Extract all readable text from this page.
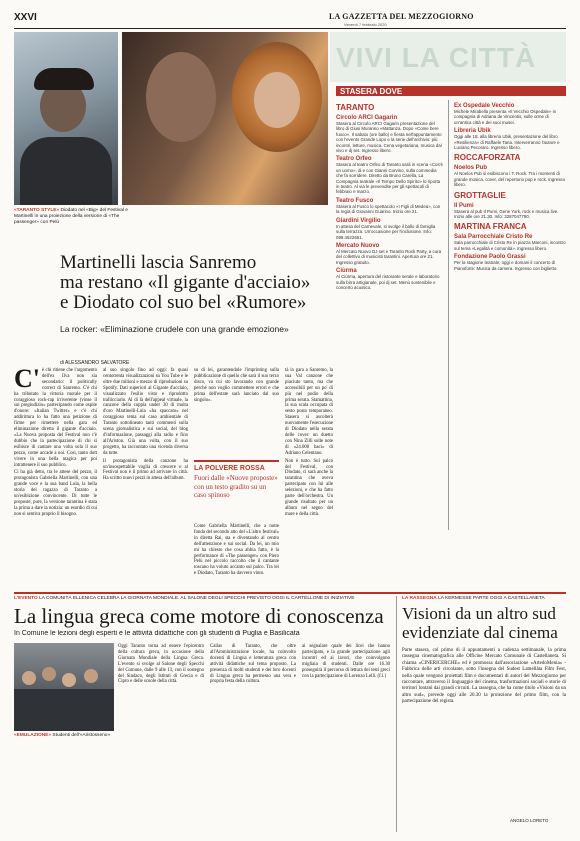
XXVI	LA GAZZETTA DEL MEZZOGIORNO
Venerdì 7 febbraio 2020
VIVI LA CITTÀ
«TARANTO STYLE» Diodato nel «Big» del Festival e Martinelli in una proiezione della versione di «The passenger» con Pelù
Martinelli lascia Sanremo
ma restano «Il gigante d'acciaio»
e Diodato col suo bel «Rumore»
La rocker: «Eliminazione crudele con una grande emozione»
di ALESSANDRO SALVATORE
C' è chi ritiene che l'argomento dell'ex Ilva non sia secondario: il politically correct di Sanremo. C'è chi ha tributato la vittoria morale per il coraggioso rock-rap irriverente (vinse il sui pregiudizio» partecipando come ospite d'onore: «Italian Twitter» e c'è chi addirittura lo ha fatto una petizione di firme per rimettere nella gara ed eliminazione diretta il gigante d'acciaio. «La Nuova proposta del Festival non c'è dubbio che la partecipazione di chi si esibisce di cantare una volta sola il suo pezzo, come accade a noi. Così, tanto dott vivere in una bella magica per poi intrattenere il suo pubblico.

Ci ha già detto, tra le attese del pezzo, il protagonista Gabriella Martinelli, con una grande voce e la sua band Lula, la bella storia del ragazzo di Taranto a un'esibizione convincente. Di tutte le proposte, pure, la versione tarantina è stata la prima a dare la notizia: un esordio di cui non si sentiva proprio il bisogno.

al suo singolo fino ad oggi: fa quasi centotrenta visualizzazioni su You Tube e le oltre due milioni e mezzo di riproduzioni su Spotify. Dati superiori al Gigante d'acciaio, visualizzato l'esilio visto e riprodotto trallicciarlo. Al di là dell'appeal virtuale, la canzone della coppia under 30 di molta d'oro Martinelli-Lula «ha spaccato» nel coraggioso tema sul caso ambientale di Taranto sottolineato tanti commenti sulla scena giornalistica e sui social, del blog d'informazione, passaggi alla radio e fino all'Ariston. Già una volta, con il suo progetto, ha raccontato una vicenda diversa da tutte.

Il protagonista della canzone ha un'insospettabile voglia di crescere e al Festival non è il primo ad arrivare in città. Ha scritto nuovi pezzi in attesa dell'album.

su di lei, garantendole l'imprinting sulla pubblicazione di quello che sarà il suo terzo disco, va cui sto lavorando con grande perché non voglio commettere errori e che prima dell'estate sarà lanciato dal suo singolo».

LA POLVERE ROSSA
Fuori dalle «Nuove proposte» con un testo gradito su un caso spinoso

Come Gabriella Martinelli, che a notte fonda del secondo atto del «L'altro festival» in diretta Rai, sta e diventando al centro dell'attenzione e sui social. Da lei, un mio mi ha chiesto che cosa abbia fatto, è la performance di «The passenger» con Piero Pelù nel piccolo raccolto che il cantante toscano ha voluto accanto sul palco. Tra lei e Diodato, Taranto ha davvero vinto.

tà in gara a Sanremo, la sua Val canzone che piaciuto tanto, ma che accessibili per un po' di più nel podio della prima serata. Stamattina, la sua scala occupata di sesto posto temporaneo. Stasera si ascolterà nuovamente l'esecuzione di Diodato nella serata delle cover: un duetto con Nina Zilli sulle note di «24.000 baci» di Adriano Celentano.

Non è tutto. Sul palco del Festival, con Diodato, ci sarà anche la tarantina che aveva partecipato con lui alle selezioni, e che ha fatto parte dell'orchestra. Un grande risultato per un album nel segno del mare e della città.

STASERA DOVE
TARANTO
Circolo ARCI Gagarin
Stasera al Circolo ARCI Gagarin presentazione del libro di Giusi Muranno «Mattanza. Dopo «Come bere fuoco». Il sabato (ore ballo) e fiesta nell'appuntamento con l'evento Grande Lupo e la serie dell'archivio: più incontri, letture, musica. Cena vegetariana, musica dal vivo e dj set. Ingresso libero.
Teatro Orfeo
Stasera al teatro Orfeo di Taranto sarà in scena «Cos'è un uomo», di e con Gianni Corvino, sulla commedia che fa sorridere. Diretto da Bruno Carella, La Compagnia teatrale «Il Tempo Dello Spirito» lo riporta in teatro. Al via le prevendite per gli spettacoli di febbraio e marzo.
Teatro Fusco
Stasera al Fusco lo spettacolo «I Figli di Medea», con la regia di Giovanni Guarino. Inizio ore 21.
Giardini Virgilio
In attesa del Carnevale, si svolge il ballo di famiglia sulla terrazza. Un'occasione per l'inclusione. Info: 099.4522661.
Mercato Nuovo
Al Mercato Nuovo DJ set e Taranto Rock Party, a cura del collettivo di musicisti tarantini. Apertura ore 21. Ingresso gratuito.
Ciùrma
Al Ciùrma, apertura del ristorante serale e laboratorio sulla birra artigianale, poi dj set. Menù sostenibile e concerto acustico.
Ex Ospedale Vecchio
Michele Mirabella presenta «Il Vecchio Ospedale» in compagnia di Adriana de Vincentis, sulle orme di un'antica città e dei suoi musei.
Libreria Ubik
Oggi alle 18, alla libreria Ubik, presentazione del libro «Resilienza» di Raffaele Tana. Interverranno l'autore e Luciano Pecoraro. Ingresso libero.
ROCCAFORZATA
Noelos Pub
Al Noelos Pub si esibiscono i T. Rock. Tra i momenti di grande musica, cover, del repertorio pop e rock. Ingresso libero.
GROTTAGLIE
Il Pumi
Stasera al pub Il Pumi, Gene York, rock e musica live. Inizio alle ore 21.30. Info: 3287047790.
MARTINA FRANCA
Sala Parrocchiale Cristo Re
Sala parrocchiale di Cristo Re in piazza Marconi, incontro sul tema «Legalità e comunità». Ingresso libero.
Fondazione Paolo Grassi
Per la stagione teatrale, oggi e domani il concerto di Pianoforte: Musica da camera. Ingresso con biglietto.
L'EVENTO LA COMUNITÀ ELLENICA CELEBRA LA GIORNATA MONDIALE. AL SALONE DEGLI SPECCHI PREVISTO OGGI IL CARTELLONE DI INIZIATIVE
La lingua greca come motore di conoscenza
In Comune le lezioni degli esperti e le attività didattiche con gli studenti di Puglia e Basilicata
«EMULAZIONE» Studenti dell'«Aristosseno»

Oggi Taranto torna ad essere l'epicentro della cultura greca, in occasione della Giornata Mondiale della Lingua Greca. L'evento si svolge al Salone degli Specchi del Comune, dalle 9 alle 13, con il sostegno del Sindaco, degli Istituti di Grecia e di Cipro e delle scuole della città.

Callas di Taranto, che oltre all'Amministrazione locale, ha coinvolto docenti di Lingua e letteratura greca con attività didattiche sul tema proposto. La presenza di molti studenti e dei loro docenti di Lingua greca ha permesso una vera e propria festa della cultura.

ai segnalare quale dei licei che hanno partecipato, e la grande partecipazione agli incontri ed ai lavori, che coinvolgono migliaia di studenti. Dalle ore 16.30 proseguirà il percorso di lettura dei testi greci con la partecipazione di Lorenzo Lelli. (f.l.)

LA RASSEGNA LA KERMESSE PARTE OGGI A CASTELLANETA
Visioni da un altro sud
evidenziate dal cinema

Parte stasera, col primo di il appuntamenti a cadenza settimanale, la prima rassegna cinematografica alle Officine Mercato Comunale di Castellaneta. Si chiama «CINERICERCHE» ed è promossa dall'associazione «ArtedoMenia» - Fabbrica delle arti circolante, sotto l'insegna del Sudest Lamellàta Film Fest, nella quale vengono proiettati film e documentari di autori del Mezzogiorno per raccontare, attraverso il linguaggio del cinema, trasformazioni sociali e storie di territori lontani dai grandi circuiti. La rassegna, che ha come titolo «Visioni da un altro sud», prevede oggi alle 20.30 la proiezione del primo film, con la partecipazione del regista.

ANGELO LORETO
